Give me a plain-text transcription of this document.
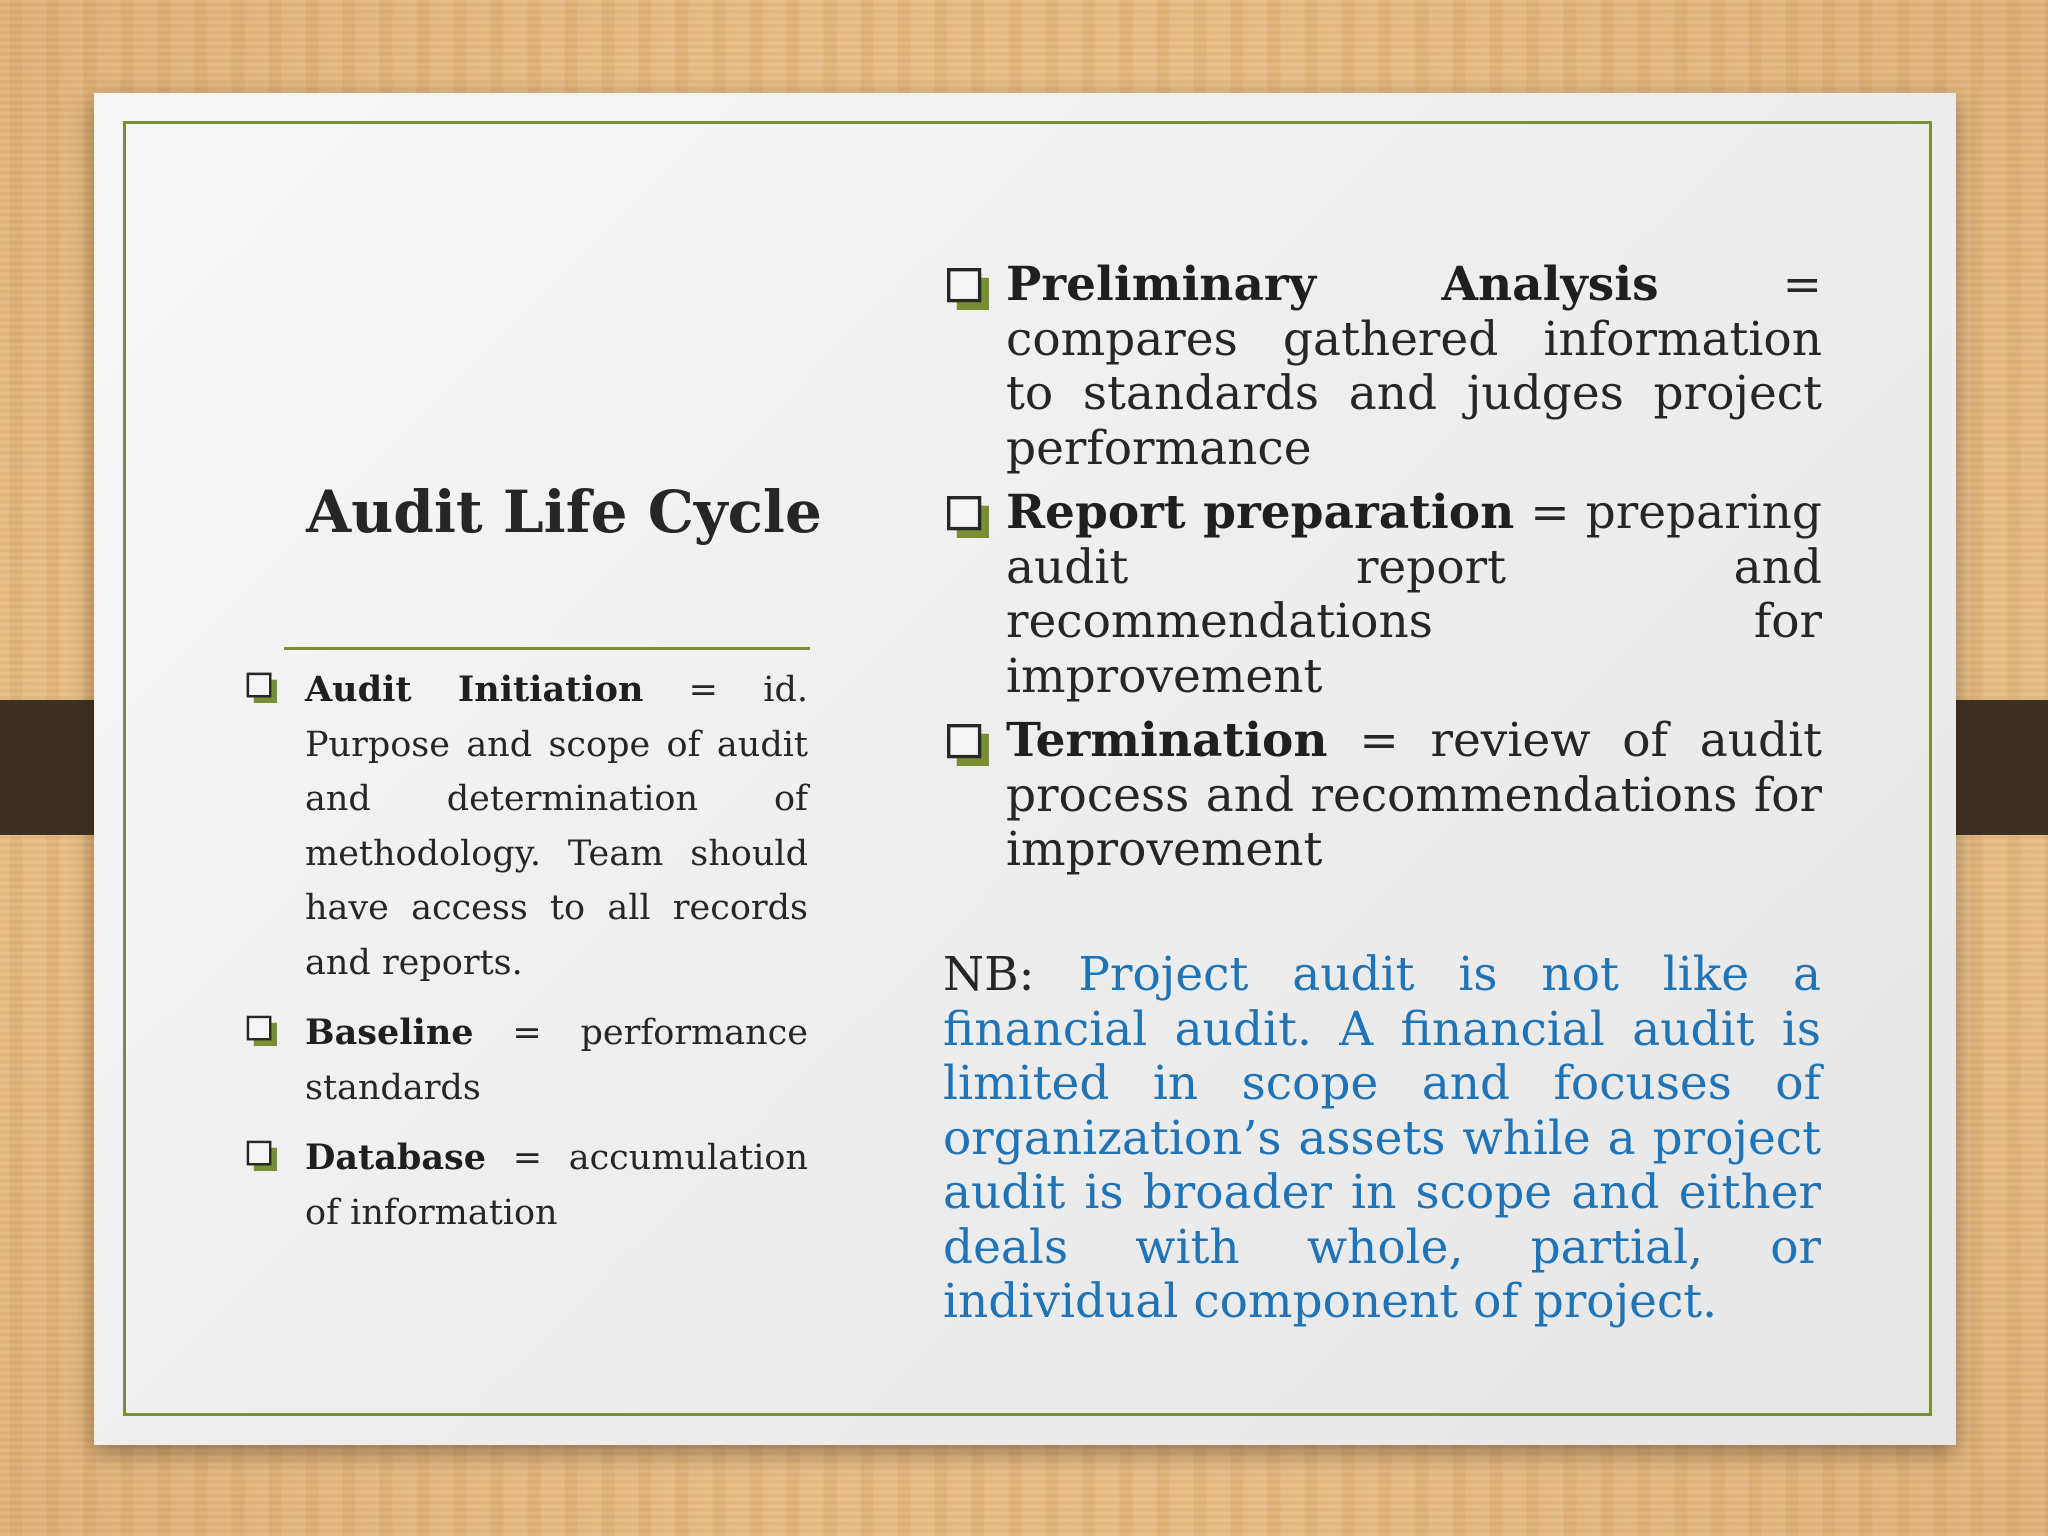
Audit Life Cycle
Audit Initiation = id. Purpose and scope of audit and determination of methodology. Team should have access to all records and reports.
Baseline = performance standards
Database = accumulation of information
Preliminary Analysis = compares gathered information to standards and judges project performance
Report preparation = preparing audit report and recommendations for improvement
Termination = review of audit process and recommendations for improvement

NB: Project audit is not like a financial audit. A financial audit is limited in scope and focuses of organization’s assets while a project audit is broader in scope and either deals with whole, partial, or individual component of project.
